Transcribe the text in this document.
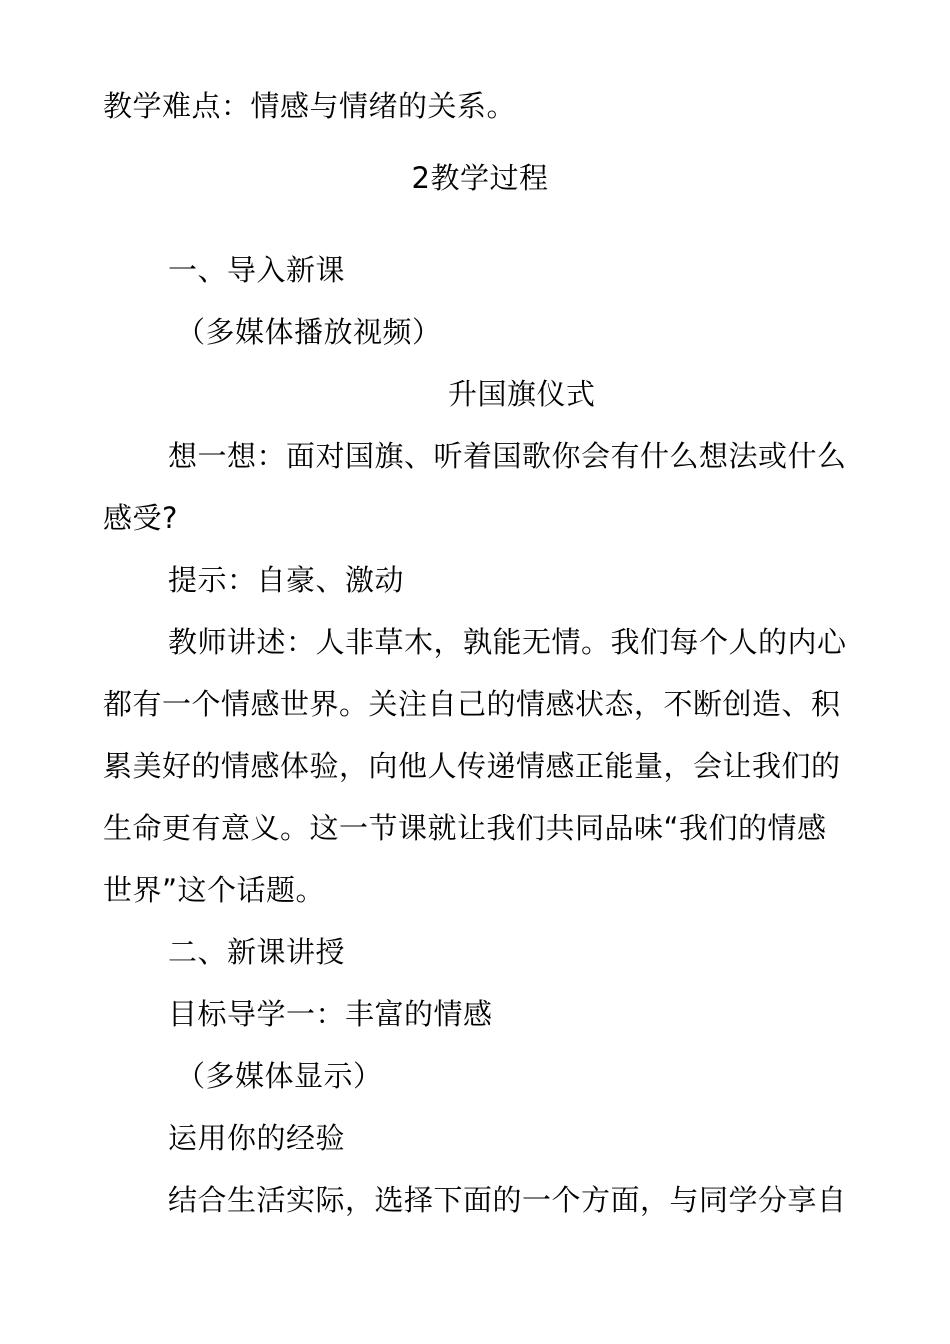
教学难点：情感与情绪的关系。
2教学过程
一、导入新课
（多媒体播放视频）
升国旗仪式
想一想：面对国旗、听着国歌你会有什么想法或什么
感受?
提示：自豪、激动
教师讲述：人非草木，孰能无情。我们每个人的内心
都有一个情感世界。关注自己的情感状态，不断创造、积
累美好的情感体验，向他人传递情感正能量，会让我们的
生命更有意义。这一节课就让我们共同品味“我们的情感
世界”这个话题。
二、新课讲授
目标导学一：丰富的情感
（多媒体显示）
运用你的经验
结合生活实际，选择下面的一个方面，与同学分享自
